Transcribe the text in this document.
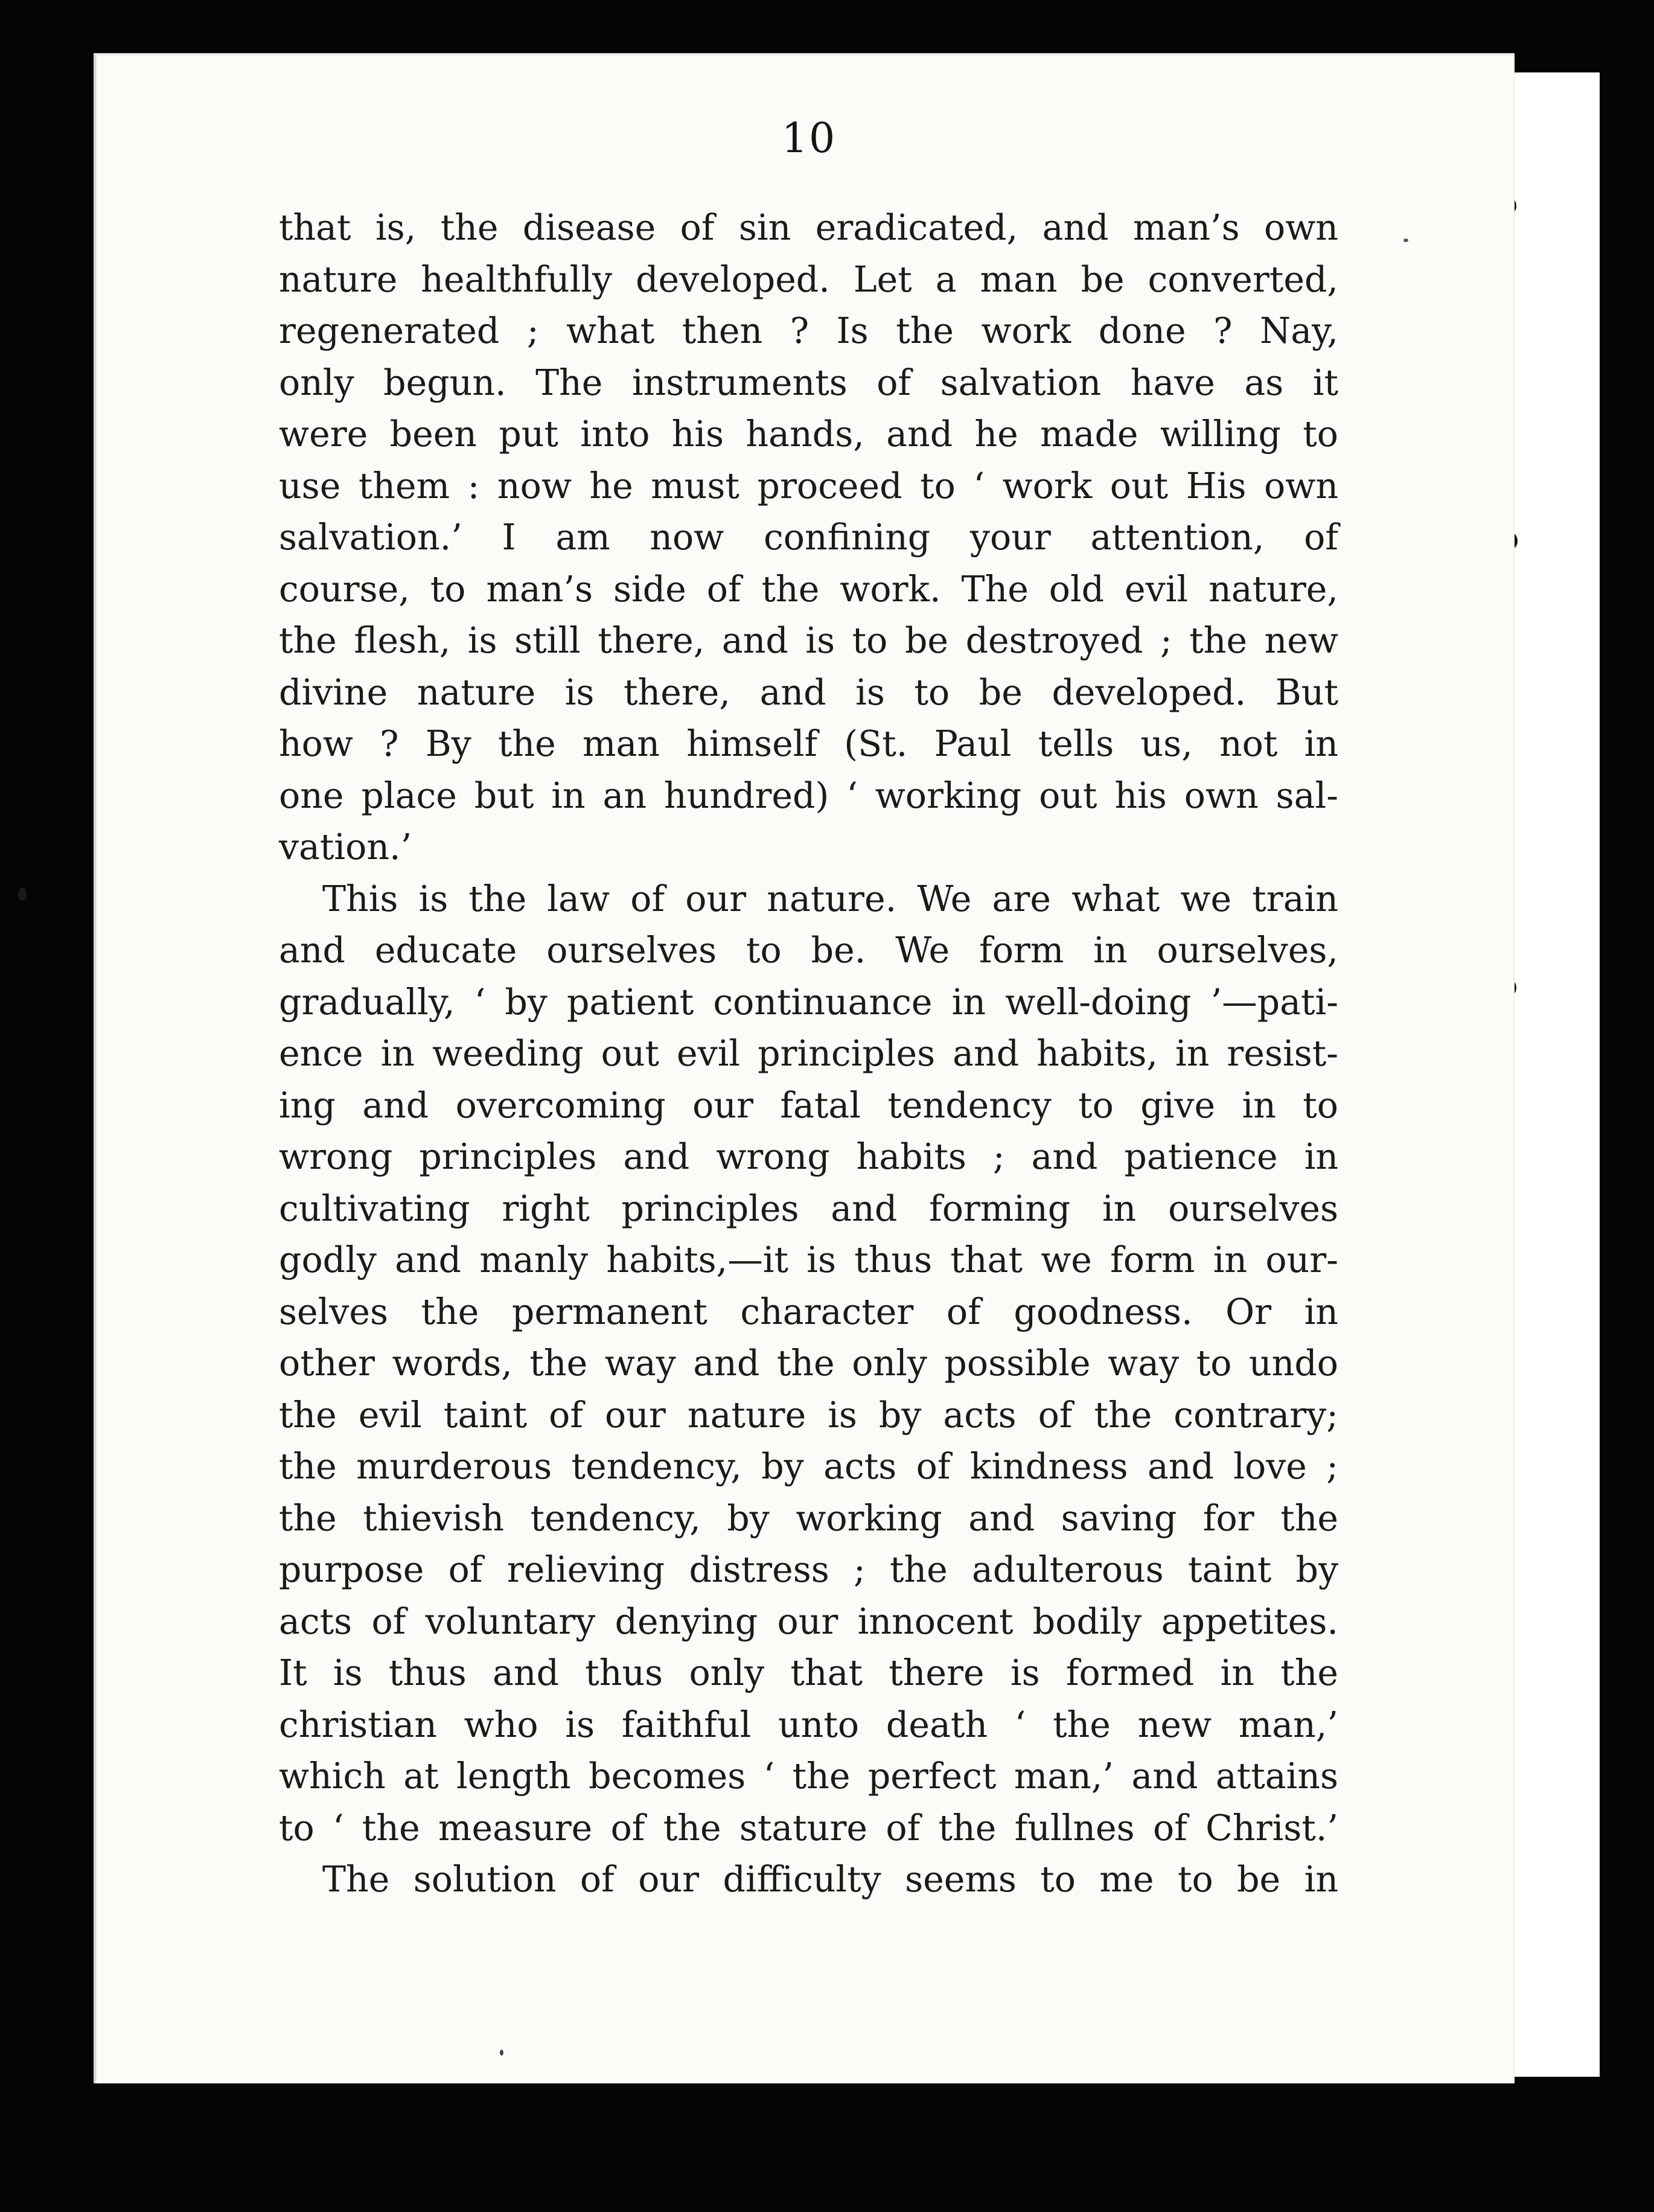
10
that is, the disease of sin eradicated, and man’s own
nature healthfully developed. Let a man be converted,
regenerated ; what then ? Is the work done ? Nay,
only begun. The instruments of salvation have as it
were been put into his hands, and he made willing to
use them : now he must proceed to ‘ work out His own
salvation.’ I am now confining your attention, of
course, to man’s side of the work. The old evil nature,
the flesh, is still there, and is to be destroyed ; the new
divine nature is there, and is to be developed. But
how ? By the man himself (St. Paul tells us, not in
one place but in an hundred) ‘ working out his own sal-
vation.’
This is the law of our nature. We are what we train
and educate ourselves to be. We form in ourselves,
gradually, ‘ by patient continuance in well-doing ’—pati-
ence in weeding out evil principles and habits, in resist-
ing and overcoming our fatal tendency to give in to
wrong principles and wrong habits ; and patience in
cultivating right principles and forming in ourselves
godly and manly habits,—it is thus that we form in our-
selves the permanent character of goodness. Or in
other words, the way and the only possible way to undo
the evil taint of our nature is by acts of the contrary;
the murderous tendency, by acts of kindness and love ;
the thievish tendency, by working and saving for the
purpose of relieving distress ; the adulterous taint by
acts of voluntary denying our innocent bodily appetites.
It is thus and thus only that there is formed in the
christian who is faithful unto death ‘ the new man,’
which at length becomes ‘ the perfect man,’ and attains
to ‘ the measure of the stature of the fullnes of Christ.’
The solution of our difficulty seems to me to be in
